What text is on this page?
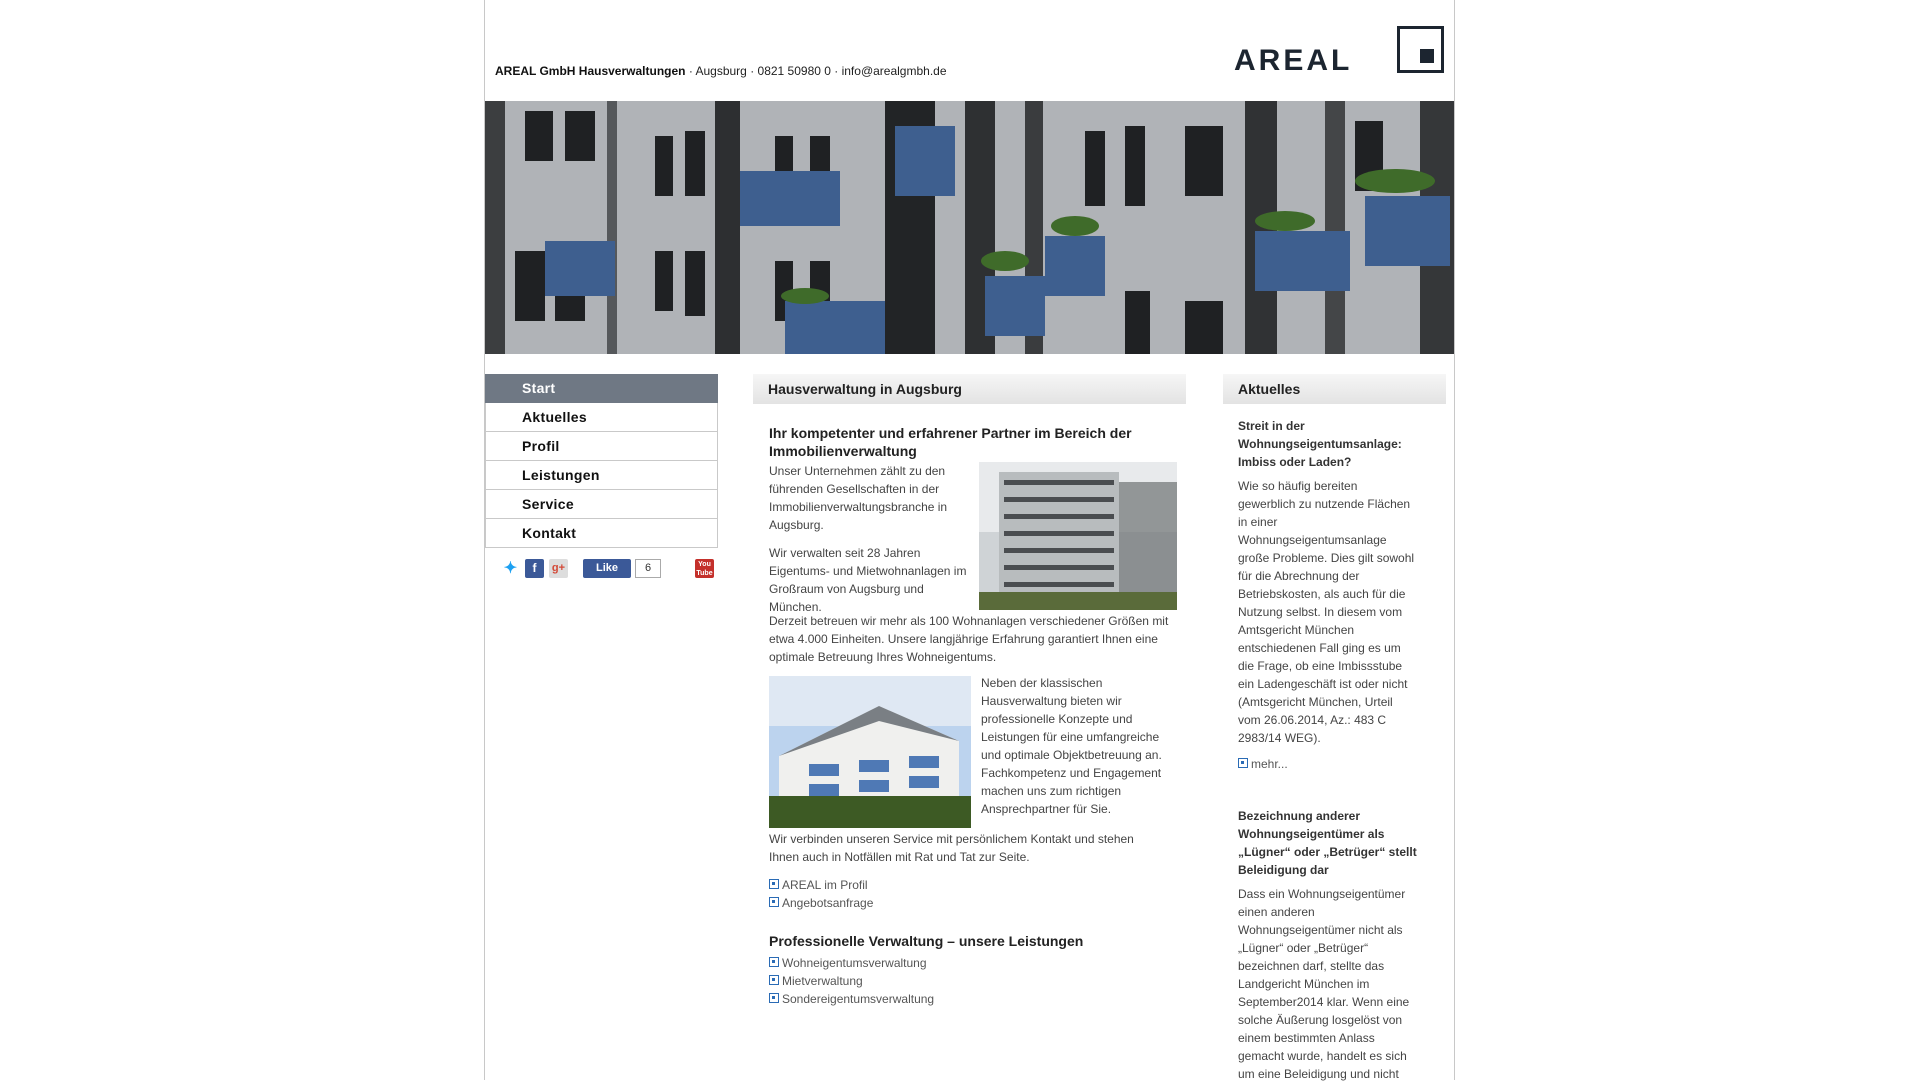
AREAL GmbH Hausverwaltungen · Augsburg · 0821 50980 0 · info@arealgmbh.de	AREAL
Start
Aktuelles
Profil
Leistungen
Service
Kontakt
✦	f	g+	Like	6	You Tube
Hausverwaltung in Augsburg
Ihr kompetenter und erfahrener Partner im Bereich der Immobilienverwaltung

Unser Unternehmen zählt zu den führenden Gesellschaften in der Immobilienverwaltungsbranche in Augsburg.

Wir verwalten seit 28 Jahren Eigentums- und Mietwohnanlagen im Großraum von Augsburg und München.

Derzeit betreuen wir mehr als 100 Wohnanlagen verschiedener Größen mit etwa 4.000 Einheiten. Unsere langjährige Erfahrung garantiert Ihnen eine optimale Betreuung Ihres Wohneigentums.

Neben der klassischen Hausverwaltung bieten wir professionelle Konzepte und Leistungen für eine umfangreiche und optimale Objektbetreuung an. Fachkompetenz und Engagement machen uns zum richtigen Ansprechpartner für Sie.

Wir verbinden unseren Service mit persönlichem Kontakt und stehen Ihnen auch in Notfällen mit Rat und Tat zur Seite.

AREAL im Profil
Angebotsanfrage
Professionelle Verwaltung – unsere Leistungen
Wohneigentumsverwaltung
Mietverwaltung
Sondereigentumsverwaltung
Aktuelles
Streit in der Wohnungseigentumsanlage: Imbiss oder Laden?
Wie so häufig bereiten gewerblich zu nutzende Flächen in einer Wohnungseigentumsanlage große Probleme. Dies gilt sowohl für die Abrechnung der Betriebskosten, als auch für die Nutzung selbst. In diesem vom Amtsgericht München entschiedenen Fall ging es um die Frage, ob eine Imbissstube ein Ladengeschäft ist oder nicht (Amtsgericht München, Urteil vom 26.06.2014, Az.: 483 C 2983/14 WEG).
mehr...
Bezeichnung anderer Wohnungseigentümer als „Lügner“ oder „Betrüger“ stellt Beleidigung dar
Dass ein Wohnungseigentümer einen anderen Wohnungseigentümer nicht als „Lügner“ oder „Betrüger“ bezeichnen darf, stellte das Landgericht München im September2014 klar. Wenn eine solche Äußerung losgelöst von einem bestimmten Anlass gemacht wurde, handelt es sich um eine Beleidigung und nicht
